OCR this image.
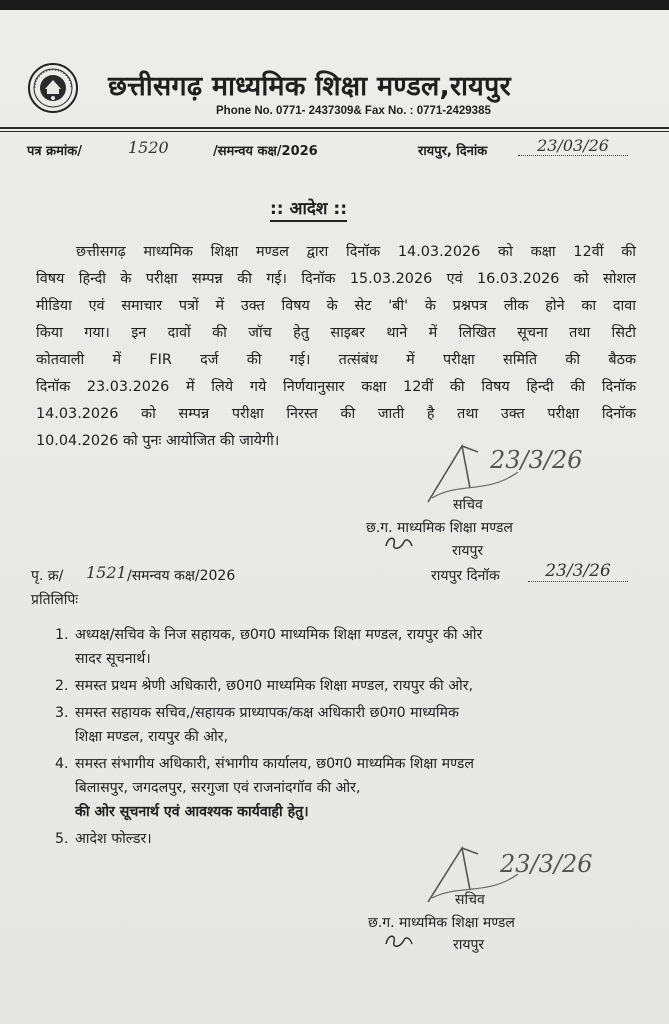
छत्तीसगढ़ माध्यमिक शिक्षा मण्डल,रायपुर
Phone No. 0771- 2437309& Fax No. : 0771-2429385
पत्र क्रमांक/	1520	/समन्वय कक्ष/2026	रायपुर, दिनांक	23/03/26
:: आदेश ::
छत्तीसगढ़ माध्यमिक शिक्षा मण्डल द्वारा दिनॉक 14.03.2026 को कक्षा 12वीं की
विषय हिन्दी के परीक्षा सम्पन्न की गई। दिनॉक 15.03.2026 एवं 16.03.2026 को सोशल
मीडिया एवं समाचार पत्रों में उक्त विषय के सेट 'बी' के प्रश्नपत्र लीक होने का दावा
किया गया। इन दावों की जॉच हेतु साइबर थाने में लिखित सूचना तथा सिटी
कोतवाली में FIR दर्ज की गई। तत्संबंध में परीक्षा समिति की बैठक
दिनॉक 23.03.2026 में लिये गये निर्णयानुसार कक्षा 12वीं की विषय हिन्दी की दिनॉक
14.03.2026 को सम्पन्न परीक्षा निरस्त की जाती है तथा उक्त परीक्षा दिनॉक
10.04.2026 को पुनः आयोजित की जायेगी।
23/3/26
सचिव
छ.ग. माध्यमिक शिक्षा मण्डल
रायपुर
पृ. क्र/ 1521 /समन्वय कक्ष/2026	रायपुर दिनॉक	23/3/26
प्रतिलिपिः
1. अध्यक्ष/सचिव के निज सहायक, छ0ग0 माध्यमिक शिक्षा मण्डल, रायपुर की ओर
सादर सूचनार्थ।
2. समस्त प्रथम श्रेणी अधिकारी, छ0ग0 माध्यमिक शिक्षा मण्डल, रायपुर की ओर,
3. समस्त सहायक सचिव,/सहायक प्राध्यापक/कक्ष अधिकारी छ0ग0 माध्यमिक
शिक्षा मण्डल, रायपुर की ओर,
4. समस्त संभागीय अधिकारी, संभागीय कार्यालय, छ0ग0 माध्यमिक शिक्षा मण्डल
बिलासपुर, जगदलपुर, सरगुजा एवं राजनांदगॉव की ओर,
की ओर सूचनार्थ एवं आवश्यक कार्यवाही हेतु।
5. आदेश फोल्डर।
23/3/26
सचिव
छ.ग. माध्यमिक शिक्षा मण्डल
रायपुर
